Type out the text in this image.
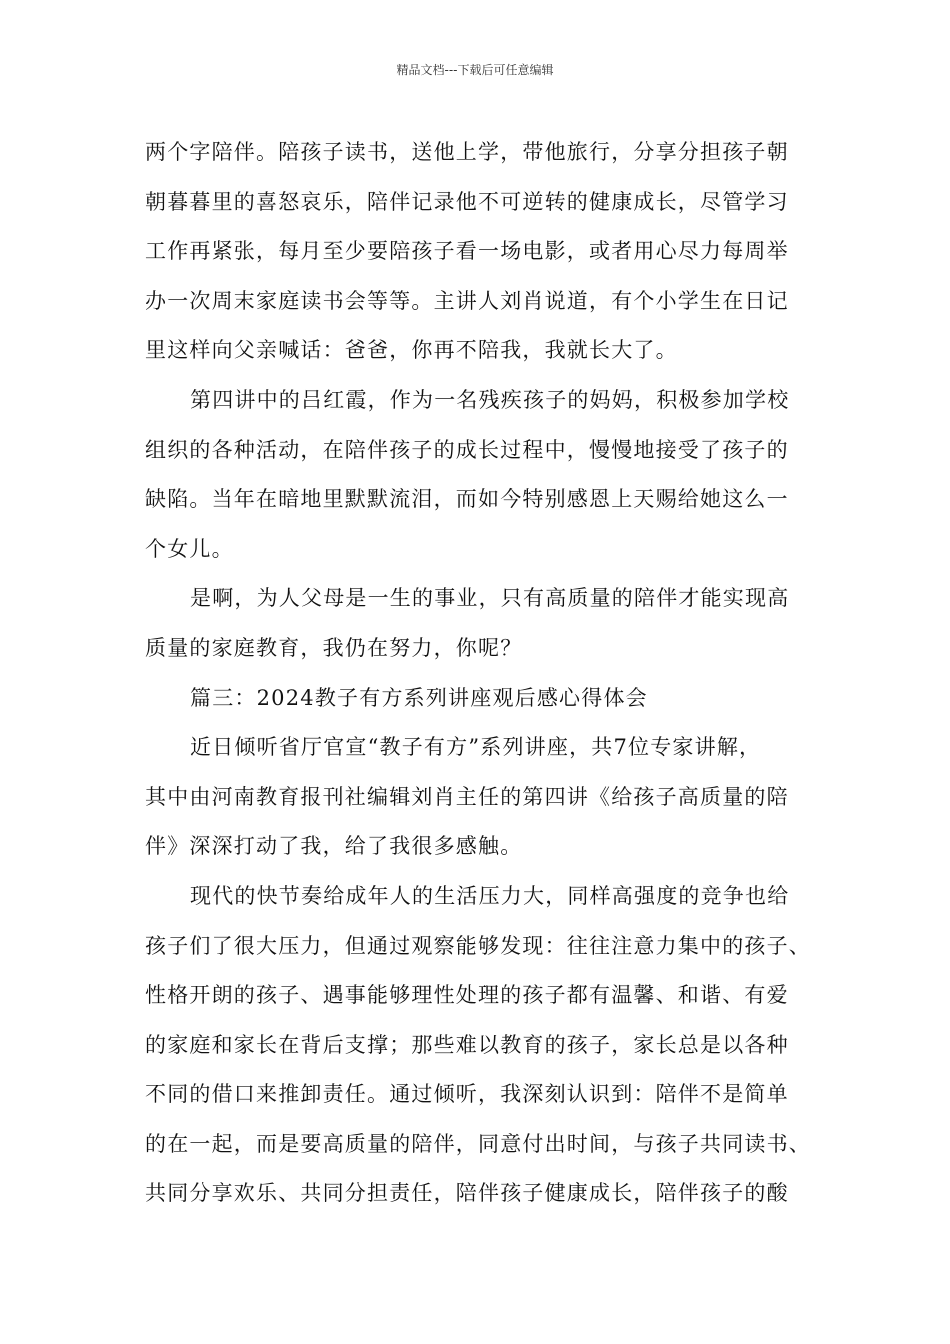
精品文档---下载后可任意编辑
两个字陪伴。陪孩子读书，送他上学，带他旅行，分享分担孩子朝
朝暮暮里的喜怒哀乐，陪伴记录他不可逆转的健康成长，尽管学习
工作再紧张，每月至少要陪孩子看一场电影，或者用心尽力每周举
办一次周末家庭读书会等等。主讲人刘肖说道，有个小学生在日记
里这样向父亲喊话：爸爸，你再不陪我，我就长大了。
第四讲中的吕红霞，作为一名残疾孩子的妈妈，积极参加学校
组织的各种活动，在陪伴孩子的成长过程中，慢慢地接受了孩子的
缺陷。当年在暗地里默默流泪，而如今特别感恩上天赐给她这么一
个女儿。
是啊，为人父母是一生的事业，只有高质量的陪伴才能实现高
质量的家庭教育，我仍在努力，你呢？
篇三：2024教子有方系列讲座观后感心得体会
近日倾听省厅官宣“教子有方”系列讲座，共7位专家讲解，
其中由河南教育报刊社编辑刘肖主任的第四讲《给孩子高质量的陪
伴》深深打动了我，给了我很多感触。
现代的快节奏给成年人的生活压力大，同样高强度的竞争也给
孩子们了很大压力，但通过观察能够发现：往往注意力集中的孩子、
性格开朗的孩子、遇事能够理性处理的孩子都有温馨、和谐、有爱
的家庭和家长在背后支撑；那些难以教育的孩子，家长总是以各种
不同的借口来推卸责任。通过倾听，我深刻认识到：陪伴不是简单
的在一起，而是要高质量的陪伴，同意付出时间，与孩子共同读书、
共同分享欢乐、共同分担责任，陪伴孩子健康成长，陪伴孩子的酸
